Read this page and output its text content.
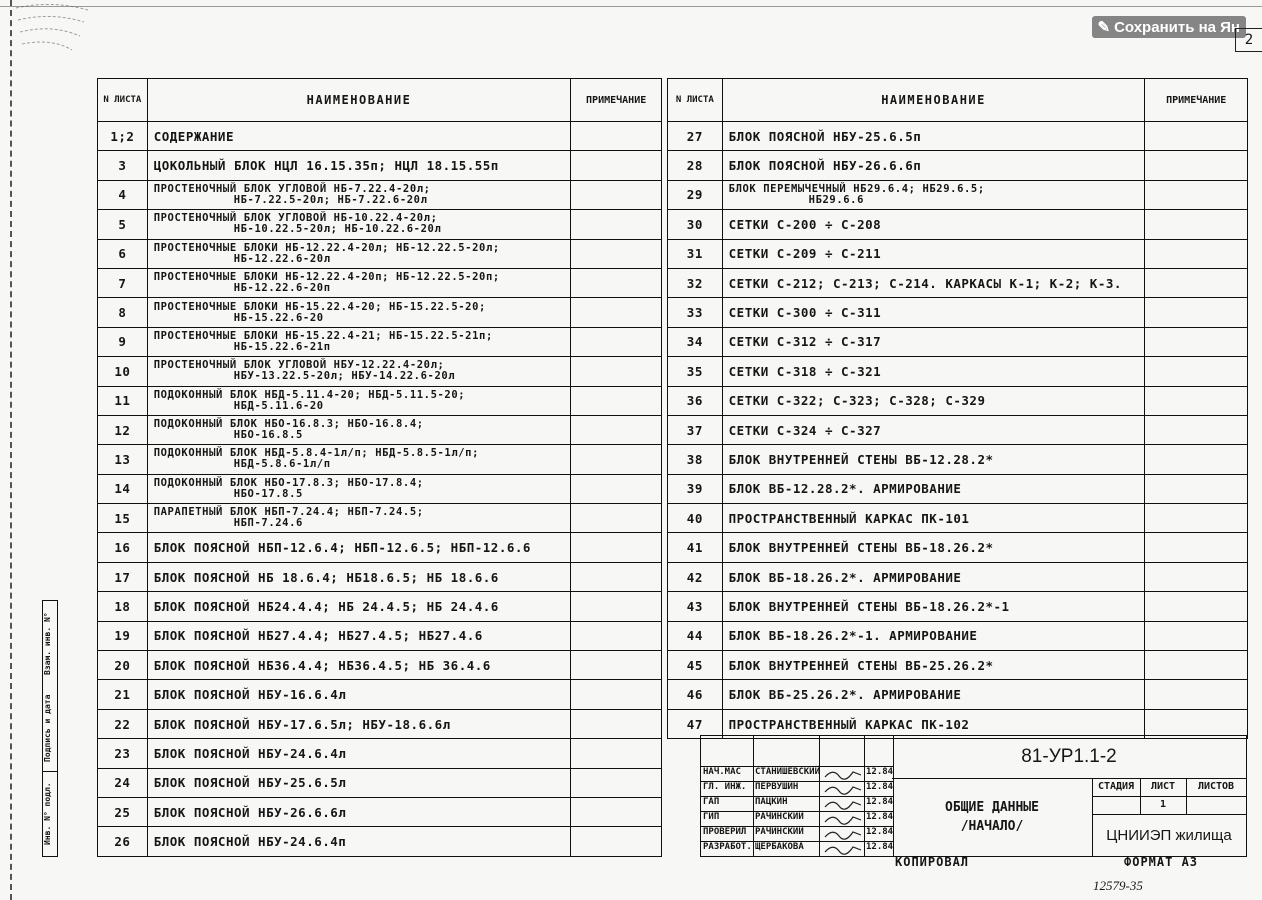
✎ Сохранить на Ян
2
N ЛИСТА	НАИМЕНОВАНИЕ	ПРИМЕЧАНИЕ
1;2	СОДЕРЖАНИЕ	
3	ЦОКОЛЬНЫЙ БЛОК НЦЛ 16.15.35п; НЦЛ 18.15.55п	
4	ПРОСТЕНОЧНЫЙ БЛОК УГЛОВОЙ НБ-7.22.4-20л;
НБ-7.22.5-20л; НБ-7.22.6-20л	

5	ПРОСТЕНОЧНЫЙ БЛОК УГЛОВОЙ НБ-10.22.4-20л;
НБ-10.22.5-20л; НБ-10.22.6-20л	

6	ПРОСТЕНОЧНЫЕ БЛОКИ НБ-12.22.4-20л; НБ-12.22.5-20л;
НБ-12.22.6-20л	

7	ПРОСТЕНОЧНЫЕ БЛОКИ НБ-12.22.4-20п; НБ-12.22.5-20п;
НБ-12.22.6-20п	

8	ПРОСТЕНОЧНЫЕ БЛОКИ НБ-15.22.4-20; НБ-15.22.5-20;
НБ-15.22.6-20	

9	ПРОСТЕНОЧНЫЕ БЛОКИ НБ-15.22.4-21; НБ-15.22.5-21п;
НБ-15.22.6-21п	

10	ПРОСТЕНОЧНЫЙ БЛОК УГЛОВОЙ НБУ-12.22.4-20л;
НБУ-13.22.5-20л; НБУ-14.22.6-20л	

11	ПОДОКОННЫЙ БЛОК НБД-5.11.4-20; НБД-5.11.5-20;
НБД-5.11.6-20	

12	ПОДОКОННЫЙ БЛОК НБО-16.8.3; НБО-16.8.4;
НБО-16.8.5	

13	ПОДОКОННЫЙ БЛОК НБД-5.8.4-1л/п; НБД-5.8.5-1л/п;
НБД-5.8.6-1л/п	

14	ПОДОКОННЫЙ БЛОК НБО-17.8.3; НБО-17.8.4;
НБО-17.8.5	

15	ПАРАПЕТНЫЙ БЛОК НБП-7.24.4; НБП-7.24.5;
НБП-7.24.6	

16	БЛОК ПОЯСНОЙ НБП-12.6.4; НБП-12.6.5; НБП-12.6.6	
17	БЛОК ПОЯСНОЙ НБ 18.6.4; НБ18.6.5; НБ 18.6.6	
18	БЛОК ПОЯСНОЙ НБ24.4.4; НБ 24.4.5; НБ 24.4.6	
19	БЛОК ПОЯСНОЙ НБ27.4.4; НБ27.4.5; НБ27.4.6	
20	БЛОК ПОЯСНОЙ НБ36.4.4; НБ36.4.5; НБ 36.4.6	
21	БЛОК ПОЯСНОЙ НБУ-16.6.4л	
22	БЛОК ПОЯСНОЙ НБУ-17.6.5л; НБУ-18.6.6л	
23	БЛОК ПОЯСНОЙ НБУ-24.6.4л	
24	БЛОК ПОЯСНОЙ НБУ-25.6.5л	
25	БЛОК ПОЯСНОЙ НБУ-26.6.6л	
26	БЛОК ПОЯСНОЙ НБУ-24.6.4п	
N ЛИСТА	НАИМЕНОВАНИЕ	ПРИМЕЧАНИЕ
27	БЛОК ПОЯСНОЙ НБУ-25.6.5п	
28	БЛОК ПОЯСНОЙ НБУ-26.6.6п	
29	БЛОК ПЕРЕМЫЧЕЧНЫЙ НБ29.6.4; НБ29.6.5;
НБ29.6.6	

30	СЕТКИ С-200 ÷ С-208	
31	СЕТКИ С-209 ÷ С-211	
32	СЕТКИ С-212; С-213; С-214. КАРКАСЫ К-1; К-2; К-3.	
33	СЕТКИ С-300 ÷ С-311	
34	СЕТКИ С-312 ÷ С-317	
35	СЕТКИ С-318 ÷ С-321	
36	СЕТКИ С-322; С-323; С-328; С-329	
37	СЕТКИ С-324 ÷ С-327	
38	БЛОК ВНУТРЕННЕЙ СТЕНЫ ВБ-12.28.2*	
39	БЛОК ВБ-12.28.2*. АРМИРОВАНИЕ	
40	ПРОСТРАНСТВЕННЫЙ КАРКАС ПК-101	
41	БЛОК ВНУТРЕННЕЙ СТЕНЫ ВБ-18.26.2*	
42	БЛОК ВБ-18.26.2*. АРМИРОВАНИЕ	
43	БЛОК ВНУТРЕННЕЙ СТЕНЫ ВБ-18.26.2*-1	
44	БЛОК ВБ-18.26.2*-1. АРМИРОВАНИЕ	
45	БЛОК ВНУТРЕННЕЙ СТЕНЫ ВБ-25.26.2*	
46	БЛОК ВБ-25.26.2*. АРМИРОВАНИЕ	
47	ПРОСТРАНСТВЕННЫЙ КАРКАС ПК-102	
Взам. инв. N°
Подпись и дата
Инв. N° подл.
НАЧ.МАС СТАНИШЕВСКИЙ	12.84
ГЛ. ИНЖ. ПЕРВУШИН	12.84
ГАП	ПАЦКИН	12.84
ГИП	РАЧИНСКИЙ	12.84
ПРОВЕРИЛ РАЧИНСКИЙ	12.84
РАЗРАБОТ. ЩЕРБАКОВА	12.84
81-УР1.1-2
ОБЩИЕ ДАННЫЕ
/НАЧАЛО/
СТАДИЯ	ЛИСТ	ЛИСТОВ
1
ЦНИИЭП жилища
КОПИРОВАЛ	ФОРМАТ А3
12579-35
